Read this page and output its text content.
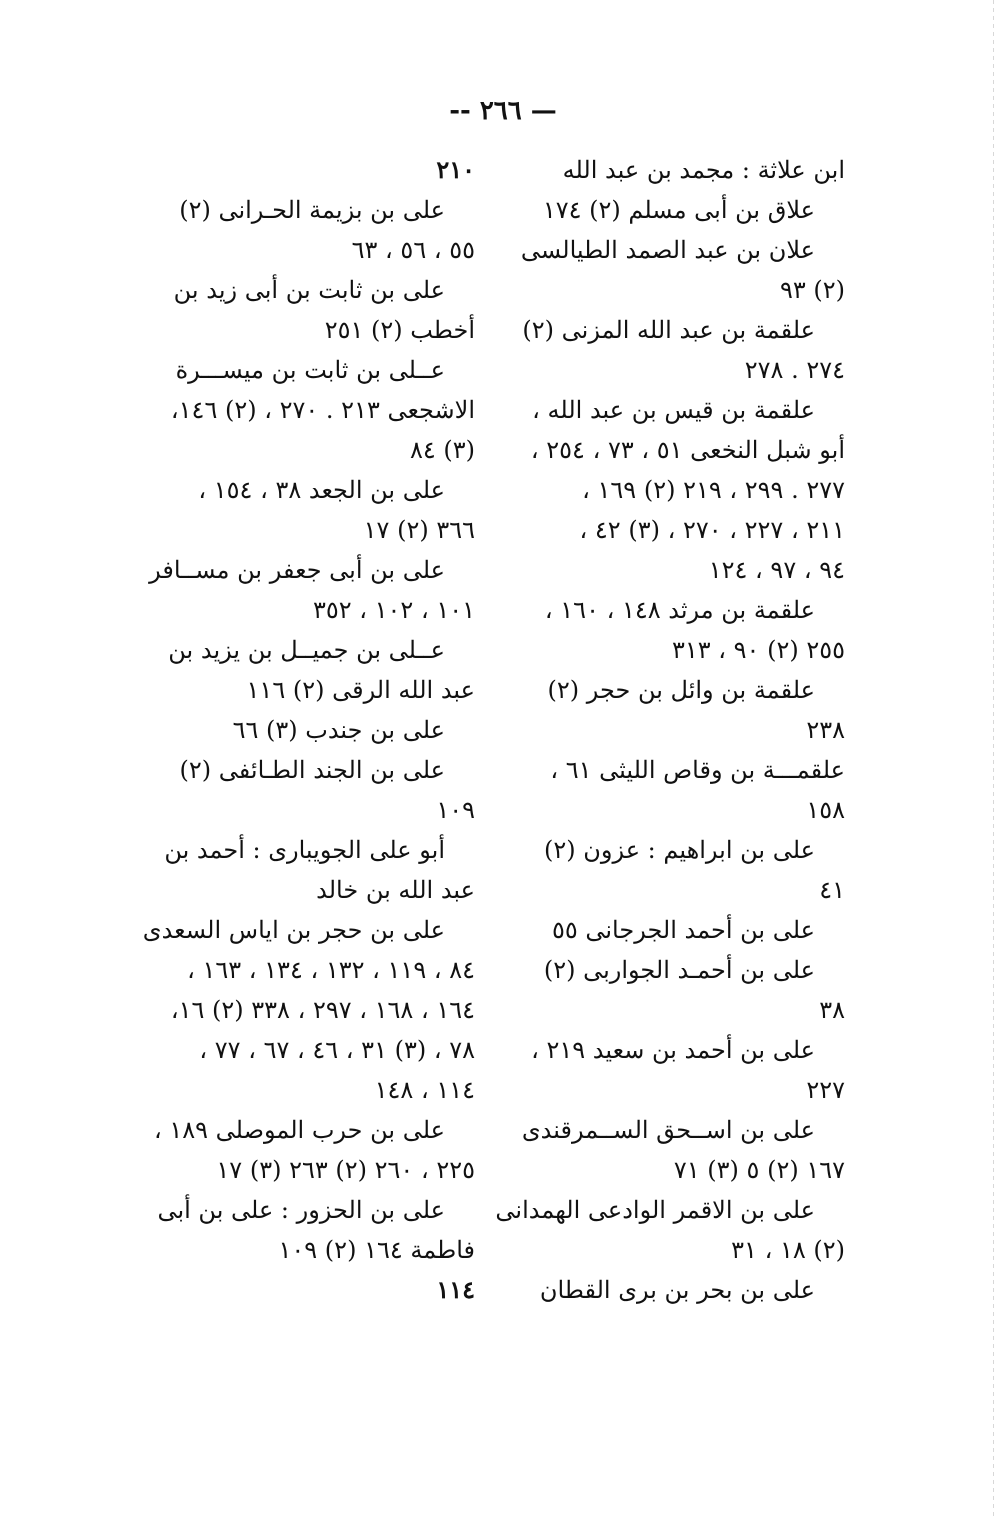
— ٢٦٦ --
ابن علاثة : مجمد بن عبد الله
علاق بن أبى مسلم (٢) ١٧٤
علان بن عبد الصمد الطيالسى
(٢) ٩٣
علقمة بن عبد الله المزنى (٢)
٢٧٤ . ٢٧٨
علقمة بن قيس بن عبد الله ،
أبو شبل النخعى ٥١ ، ٧٣ ، ٢٥٤ ،
٢٧٧ . ٢٩٩ ، ٢١٩ (٢) ١٦٩ ،
٢١١ ، ٢٢٧ ، ٢٧٠ ، (٣) ٤٢ ،
٩٤ ، ٩٧ ، ١٢٤
علقمة بن مرثد ١٤٨ ، ١٦٠ ،
٢٥٥ (٢) ٩٠ ، ٣١٣
علقمة بن وائل بن حجر (٢)
٢٣٨
علقمـــة بن وقاص الليثى ٦١ ،
١٥٨
على بن ابراهيم : عزون (٢)
٤١
على بن أحمد الجرجانى ٥٥
على بن أحمـد الجواربى (٢)
٣٨
على بن أحمد بن سعيد ٢١٩ ،
٢٢٧
على بن اســحق الســمرقندى
١٦٧ (٢) ٥ (٣) ٧١
على بن الاقمر الوادعى الهمدانى
(٢) ١٨ ، ٣١
على بن بحر بن برى القطان
٢١٠
على بن بزيمة الحـرانى (٢)
٥٥ ، ٥٦ ، ٦٣
على بن ثابت بن أبى زيد بن
أخطب (٢) ٢٥١
عــلى بن ثابت بن ميســـرة
الاشجعى ٢١٣ . ٢٧٠ ، (٢) ١٤٦،
(٣) ٨٤
على بن الجعد ٣٨ ، ١٥٤ ،
٣٦٦ (٢) ١٧
على بن أبى جعفر بن مســافر
١٠١ ، ١٠٢ ، ٣٥٢
عــلى بن جميــل بن يزيد بن
عبد الله الرقى (٢) ١١٦
على بن جندب (٣) ٦٦
على بن الجند الطـائفى (٢)
١٠٩
أبو على الجويبارى : أحمد بن
عبد الله بن خالد
على بن حجر بن اياس السعدى
٨٤ ، ١١٩ ، ١٣٢ ، ١٣٤ ، ١٦٣ ،
١٦٤ ، ١٦٨ ، ٢٩٧ ، ٣٣٨ (٢) ١٦،
٧٨ ، (٣) ٣١ ، ٤٦ ، ٦٧ ، ٧٧ ،
١١٤ ، ١٤٨
على بن حرب الموصلى ١٨٩ ،
٢٢٥ ، ٢٦٠ (٢) ٢٦٣ (٣) ١٧
على بن الحزور : على بن أبى
فاطمة ١٦٤ (٢) ١٠٩
١١٤
